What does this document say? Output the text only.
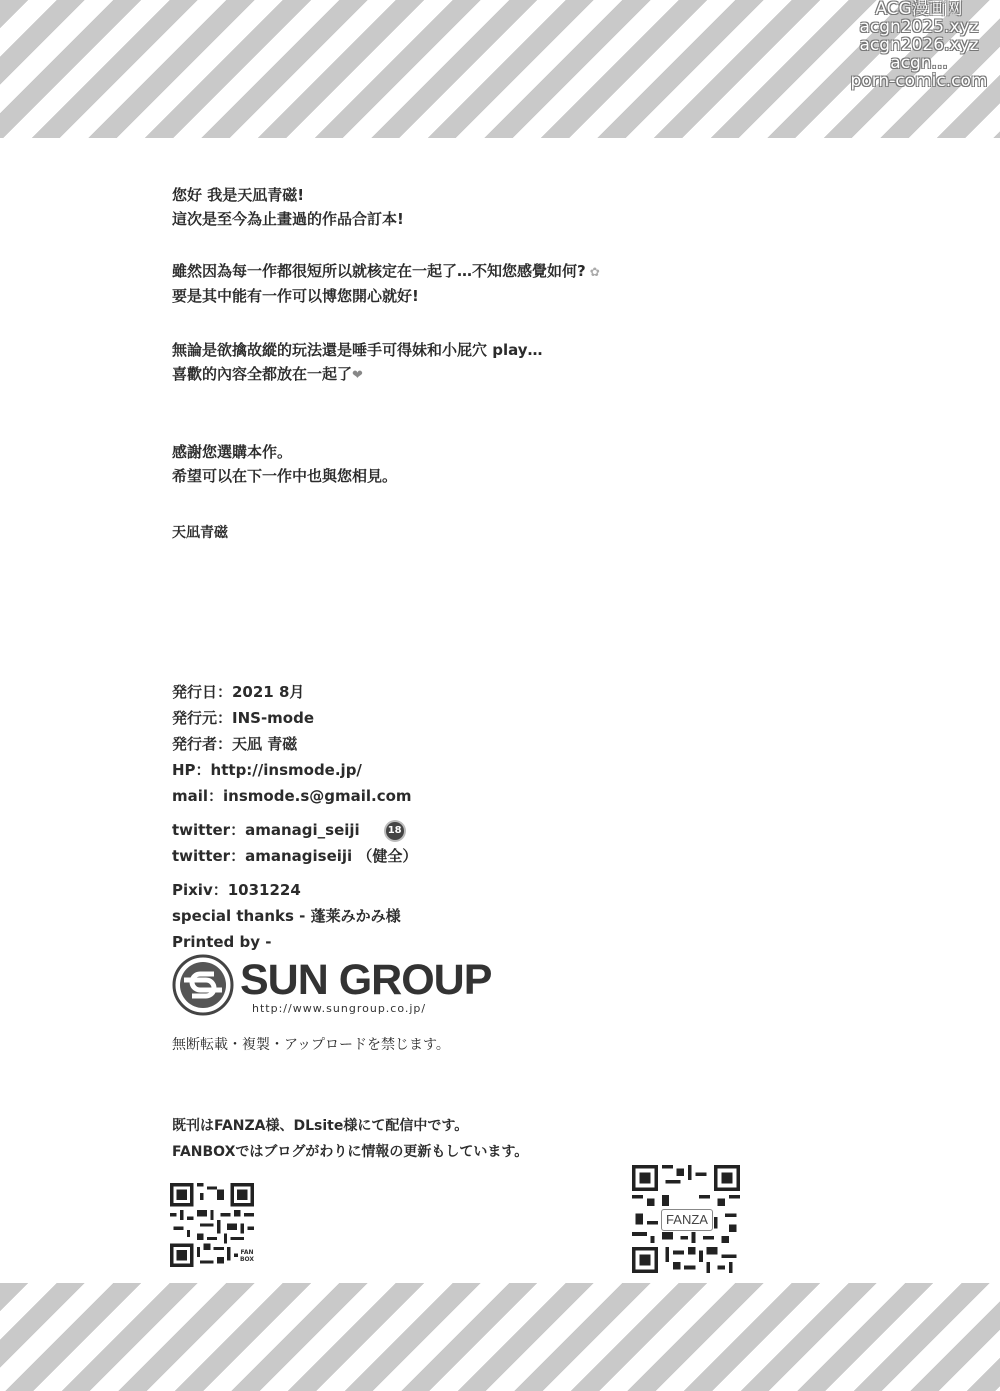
ACG漫画网
acgn2025.xyz
acgn2026.xyz
acgn...
porn-comic.com
您好 我是天凪青磁!
這次是至今為止畫過的作品合訂本!
雖然因為每一作都很短所以就核定在一起了…不知您感覺如何? ✿
要是其中能有一作可以博您開心就好!
無論是欲擒故縱的玩法還是唾手可得妹和小屁穴 play…
喜歡的內容全都放在一起了❤
感謝您選購本作。
希望可以在下一作中也與您相見。
天凪青磁
発行日：2021 8月
発行元：INS-mode
発行者：天凪 青磁
HP：http://insmode.jp/
mail：insmode.s@gmail.com
twitter：amanagi_seiji	18
twitter：amanagiseiji （健全）
Pixiv：1031224
special thanks - 蓬莱みかみ様
Printed by -
SUN GROUP
http://www.sungroup.co.jp/
無断転載・複製・アップロードを禁じます。
既刊はFANZA様、DLsite様にて配信中です。
FANBOXではブログがわりに情報の更新もしています。
FAN BOX
FANZA
